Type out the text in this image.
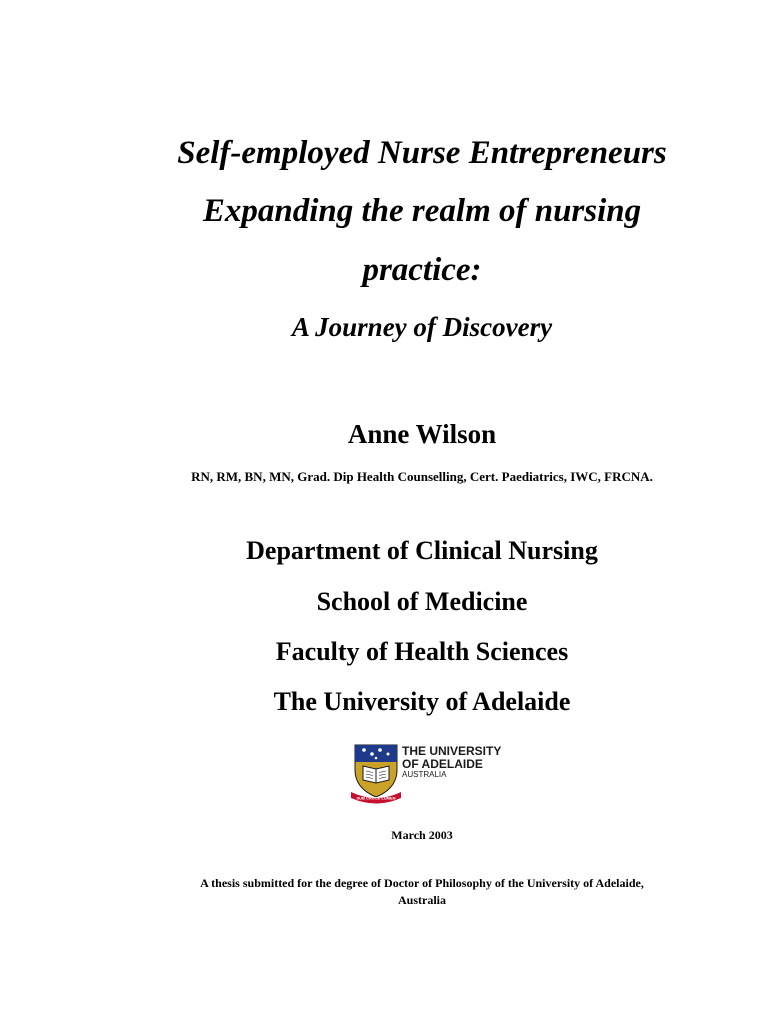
Self-employed Nurse Entrepreneurs
Expanding the realm of nursing
practice:
A Journey of Discovery
Anne Wilson
RN, RM, BN, MN, Grad. Dip Health Counselling, Cert. Paediatrics, IWC, FRCNA.
Department of Clinical Nursing
School of Medicine
Faculty of Health Sciences
The University of Adelaide
SUB CRUCE LUMEN
THE UNIVERSITY
OF ADELAIDE
AUSTRALIA
March 2003
A thesis submitted for the degree of Doctor of Philosophy of the University of Adelaide,
Australia
